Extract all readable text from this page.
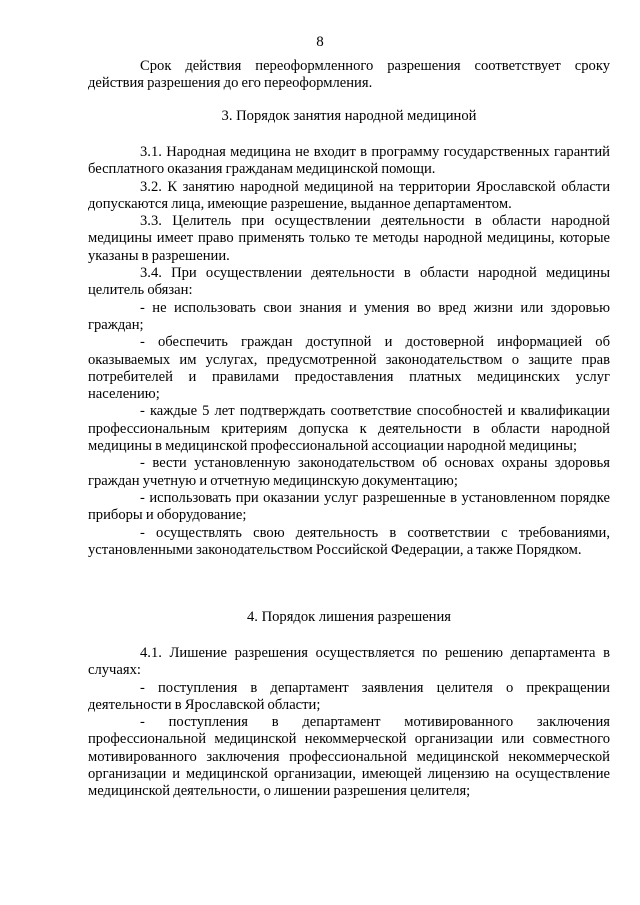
8

Срок действия переоформленного разрешения соответствует сроку действия разрешения до его переоформления.

3. Порядок занятия народной медициной

3.1. Народная медицина не входит в программу государственных гарантий бесплатного оказания гражданам медицинской помощи.

3.2. К занятию народной медициной на территории Ярославской области допускаются лица, имеющие разрешение, выданное департаментом.

3.3. Целитель при осуществлении деятельности в области народной медицины имеет право применять только те методы народной медицины, которые указаны в разрешении.

3.4. При осуществлении деятельности в области народной медицины целитель обязан:

- не использовать свои знания и умения во вред жизни или здоровью граждан;

- обеспечить граждан доступной и достоверной информацией об оказываемых им услугах, предусмотренной законодательством о защите прав потребителей и правилами предоставления платных медицинских услуг населению;

- каждые 5 лет подтверждать соответствие способностей и квалификации профессиональным критериям допуска к деятельности в области народной медицины в медицинской профессиональной ассоциации народной медицины;

- вести установленную законодательством об основах охраны здоровья граждан учетную и отчетную медицинскую документацию;

- использовать при оказании услуг разрешенные в установленном порядке приборы и оборудование;

- осуществлять свою деятельность в соответствии с требованиями, установленными законодательством Российской Федерации, а также Порядком.

4. Порядок лишения разрешения

4.1. Лишение разрешения осуществляется по решению департамента в случаях:

- поступления в департамент заявления целителя о прекращении деятельности в Ярославской области;

- поступления в департамент мотивированного заключения профессиональной медицинской некоммерческой организации или совместного мотивированного заключения профессиональной медицинской некоммерческой организации и медицинской организации, имеющей лицензию на осуществление медицинской деятельности, о лишении разрешения целителя;
